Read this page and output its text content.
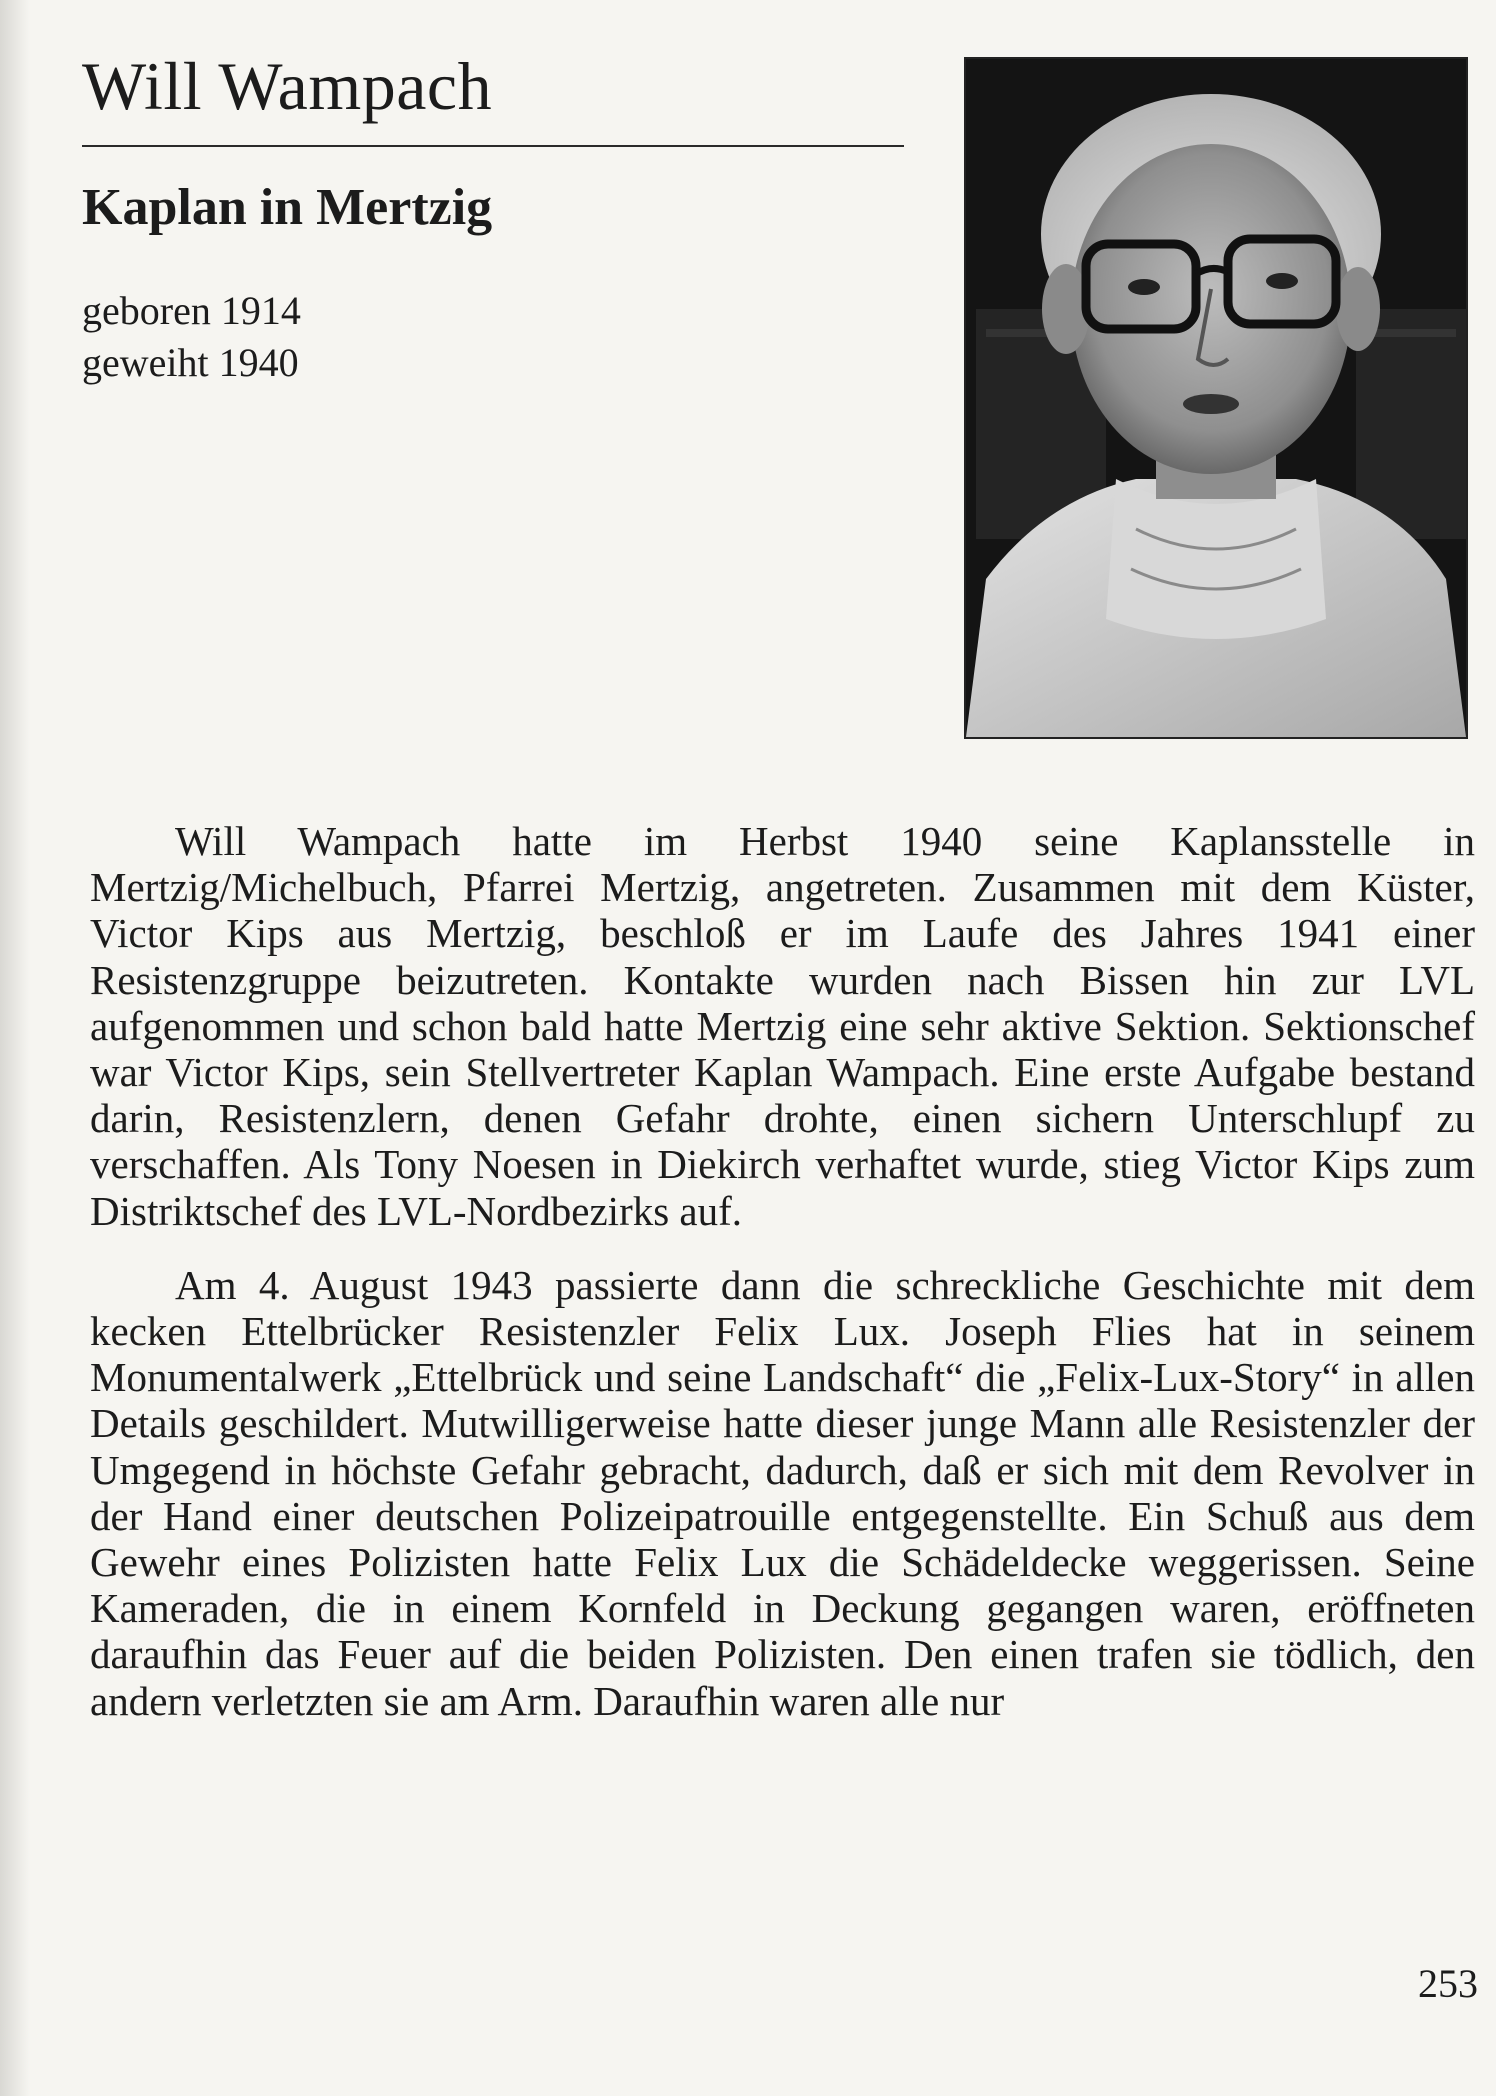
Will Wampach
Kaplan in Mertzig
geboren 1914
geweiht 1940

Will Wampach hatte im Herbst 1940 seine Kaplansstelle in Mertzig/Michelbuch, Pfarrei Mertzig, angetreten. Zusammen mit dem Küster, Victor Kips aus Mertzig, beschloß er im Laufe des Jahres 1941 einer Resistenzgruppe beizutreten. Kontakte wurden nach Bissen hin zur LVL aufgenommen und schon bald hatte Mertzig eine sehr aktive Sektion. Sektionschef war Victor Kips, sein Stellvertreter Kaplan Wampach. Eine erste Aufgabe bestand darin, Resistenzlern, denen Gefahr drohte, einen sichern Unterschlupf zu verschaffen. Als Tony Noesen in Diekirch verhaftet wurde, stieg Victor Kips zum Distriktschef des LVL-Nordbezirks auf.

Am 4. August 1943 passierte dann die schreckliche Geschichte mit dem kecken Ettelbrücker Resistenzler Felix Lux. Joseph Flies hat in seinem Monumentalwerk „Ettelbrück und seine Landschaft“ die „Felix-Lux-Story“ in allen Details geschildert. Mutwilligerweise hatte dieser junge Mann alle Resistenzler der Umgegend in höchste Gefahr gebracht, dadurch, daß er sich mit dem Revolver in der Hand einer deutschen Polizeipatrouille entgegenstellte. Ein Schuß aus dem Gewehr eines Polizisten hatte Felix Lux die Schädeldecke weggerissen. Seine Kameraden, die in einem Kornfeld in Deckung gegangen waren, eröffneten daraufhin das Feuer auf die beiden Polizisten. Den einen trafen sie tödlich, den andern verletzten sie am Arm. Daraufhin waren alle nur

253
